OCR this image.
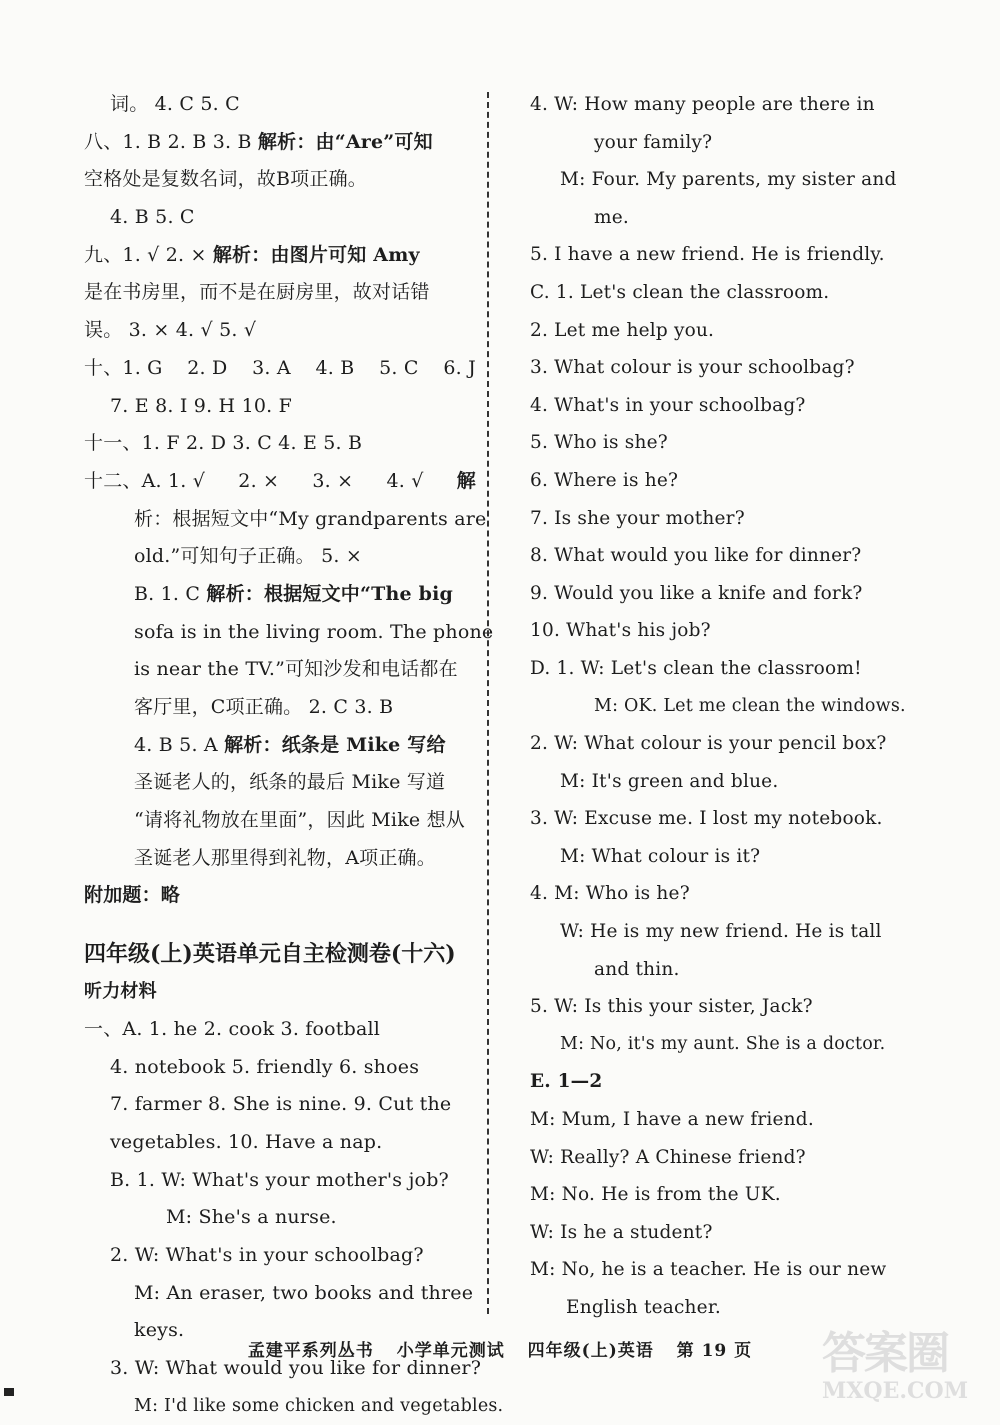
词。 4. C 5. C
八、1. B 2. B 3. B 解析：由“Are”可知
空格处是复数名词，故B项正确。
4. B 5. C
九、1. √ 2. × 解析：由图片可知 Amy
是在书房里，而不是在厨房里，故对话错
误。 3. × 4. √ 5. √
十、1. G 2. D 3. A 4. B 5. C 6. J
7. E 8. I 9. H 10. F
十一、1. F 2. D 3. C 4. E 5. B
十二、A. 1. √ 2. × 3. × 4. √ 解
析：根据短文中“My grandparents are
old.”可知句子正确。 5. ×
B. 1. C 解析：根据短文中“The big
sofa is in the living room. The phone
is near the TV.”可知沙发和电话都在
客厅里，C项正确。 2. C 3. B
4. B 5. A 解析：纸条是 Mike 写给
圣诞老人的，纸条的最后 Mike 写道
“请将礼物放在里面”，因此 Mike 想从
圣诞老人那里得到礼物，A项正确。
附加题：略
四年级(上)英语单元自主检测卷(十六)
听力材料
一、A. 1. he 2. cook 3. football
4. notebook 5. friendly 6. shoes
7. farmer 8. She is nine. 9. Cut the
vegetables. 10. Have a nap.
B. 1. W: What's your mother's job?
M: She's a nurse.
2. W: What's in your schoolbag?
M: An eraser, two books and three
keys.
3. W: What would you like for dinner?
M: I'd like some chicken and vegetables.
4. W: How many people are there in
your family?
M: Four. My parents, my sister and
me.
5. I have a new friend. He is friendly.
C. 1. Let's clean the classroom.
2. Let me help you.
3. What colour is your schoolbag?
4. What's in your schoolbag?
5. Who is she?
6. Where is he?
7. Is she your mother?
8. What would you like for dinner?
9. Would you like a knife and fork?
10. What's his job?
D. 1. W: Let's clean the classroom!
M: OK. Let me clean the windows.
2. W: What colour is your pencil box?
M: It's green and blue.
3. W: Excuse me. I lost my notebook.
M: What colour is it?
4. M: Who is he?
W: He is my new friend. He is tall
and thin.
5. W: Is this your sister, Jack?
M: No, it's my aunt. She is a doctor.
E. 1—2
M: Mum, I have a new friend.
W: Really? A Chinese friend?
M: No. He is from the UK.
W: Is he a student?
M: No, he is a teacher. He is our new
English teacher.
孟建平系列丛书 小学单元测试 四年级(上)英语 第 19 页	答案圈
MXQE.COM
